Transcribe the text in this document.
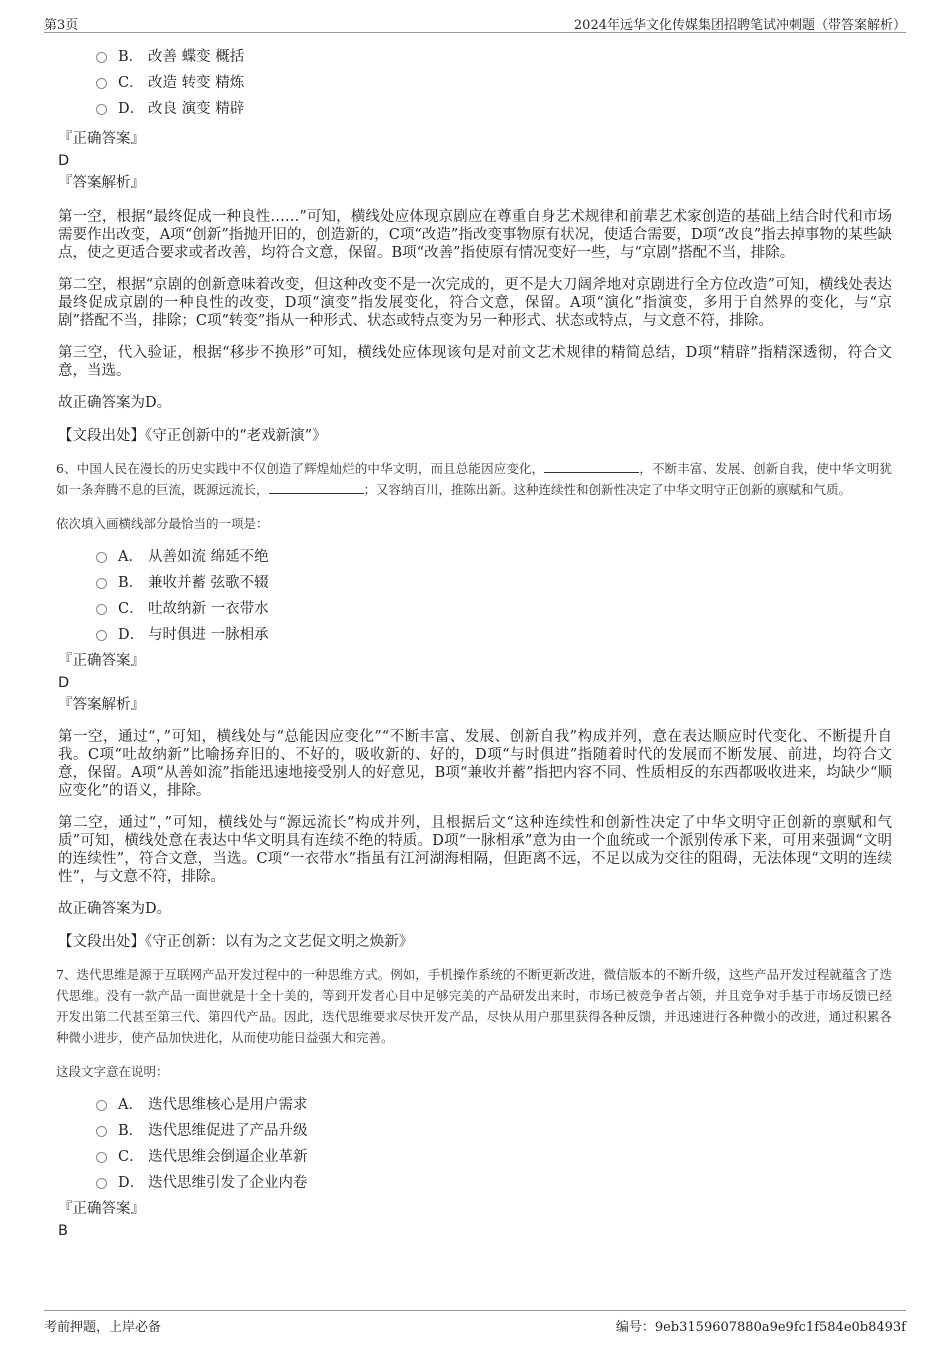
第3页	2024年远华文化传媒集团招聘笔试冲刺题（带答案解析）
B． 改善 蝶变 概括
C． 改造 转变 精炼
D． 改良 演变 精辟
『正确答案』
D
『答案解析』
第一空，根据“最终促成一种良性……”可知，横线处应体现京剧应在尊重自身艺术规律和前辈艺术家创造的基础上结合时代和市场需要作出改变，A项“创新”指抛开旧的，创造新的，C项“改造”指改变事物原有状况，使适合需要，D项“改良”指去掉事物的某些缺点，使之更适合要求或者改善，均符合文意，保留。B项“改善”指使原有情况变好一些，与“京剧”搭配不当，排除。
第二空，根据“京剧的创新意味着改变，但这种改变不是一次完成的，更不是大刀阔斧地对京剧进行全方位改造”可知，横线处表达最终促成京剧的一种良性的改变，D项“演变”指发展变化，符合文意，保留。A项“演化”指演变，多用于自然界的变化，与“京剧”搭配不当，排除；C项“转变”指从一种形式、状态或特点变为另一种形式、状态或特点，与文意不符，排除。
第三空，代入验证，根据“移步不换形”可知，横线处应体现该句是对前文艺术规律的精简总结，D项“精辟”指精深透彻，符合文意，当选。
故正确答案为D。
【文段出处】《守正创新中的“老戏新演”》
6、中国人民在漫长的历史实践中不仅创造了辉煌灿烂的中华文明，而且总能因应变化，	，不断丰富、发展、创新自我，使中华文明犹如一条奔腾不息的巨流，既源远流长，	；又容纳百川，推陈出新。这种连续性和创新性决定了中华文明守正创新的禀赋和气质。
依次填入画横线部分最恰当的一项是：
A． 从善如流 绵延不绝
B． 兼收并蓄 弦歌不辍
C． 吐故纳新 一衣带水
D． 与时俱进 一脉相承
『正确答案』
D
『答案解析』
第一空，通过“，”可知，横线处与“总能因应变化”“不断丰富、发展、创新自我”构成并列，意在表达顺应时代变化、不断提升自我。C项“吐故纳新”比喻扬弃旧的、不好的，吸收新的、好的，D项“与时俱进”指随着时代的发展而不断发展、前进，均符合文意，保留。A项“从善如流”指能迅速地接受别人的好意见，B项“兼收并蓄”指把内容不同、性质相反的东西都吸收进来，均缺少“顺应变化”的语义，排除。
第二空，通过“，”可知，横线处与“源远流长”构成并列，且根据后文“这种连续性和创新性决定了中华文明守正创新的禀赋和气质”可知，横线处意在表达中华文明具有连续不绝的特质。D项“一脉相承”意为由一个血统或一个派别传承下来，可用来强调“文明的连续性”，符合文意，当选。C项“一衣带水”指虽有江河湖海相隔，但距离不远，不足以成为交往的阻碍，无法体现“文明的连续性”，与文意不符，排除。
故正确答案为D。
【文段出处】《守正创新：以有为之文艺促文明之焕新》
7、迭代思维是源于互联网产品开发过程中的一种思维方式。例如，手机操作系统的不断更新改进，微信版本的不断升级，这些产品开发过程就蕴含了迭代思维。没有一款产品一面世就是十全十美的，等到开发者心目中足够完美的产品研发出来时，市场已被竞争者占领，并且竞争对手基于市场反馈已经开发出第二代甚至第三代、第四代产品。因此，迭代思维要求尽快开发产品，尽快从用户那里获得各种反馈，并迅速进行各种微小的改进，通过积累各种微小进步，使产品加快进化，从而使功能日益强大和完善。
这段文字意在说明：
A． 迭代思维核心是用户需求
B． 迭代思维促进了产品升级
C． 迭代思维会倒逼企业革新
D． 迭代思维引发了企业内卷
『正确答案』
B
考前押题，上岸必备	编号：9eb3159607880a9e9fc1f584e0b8493f
